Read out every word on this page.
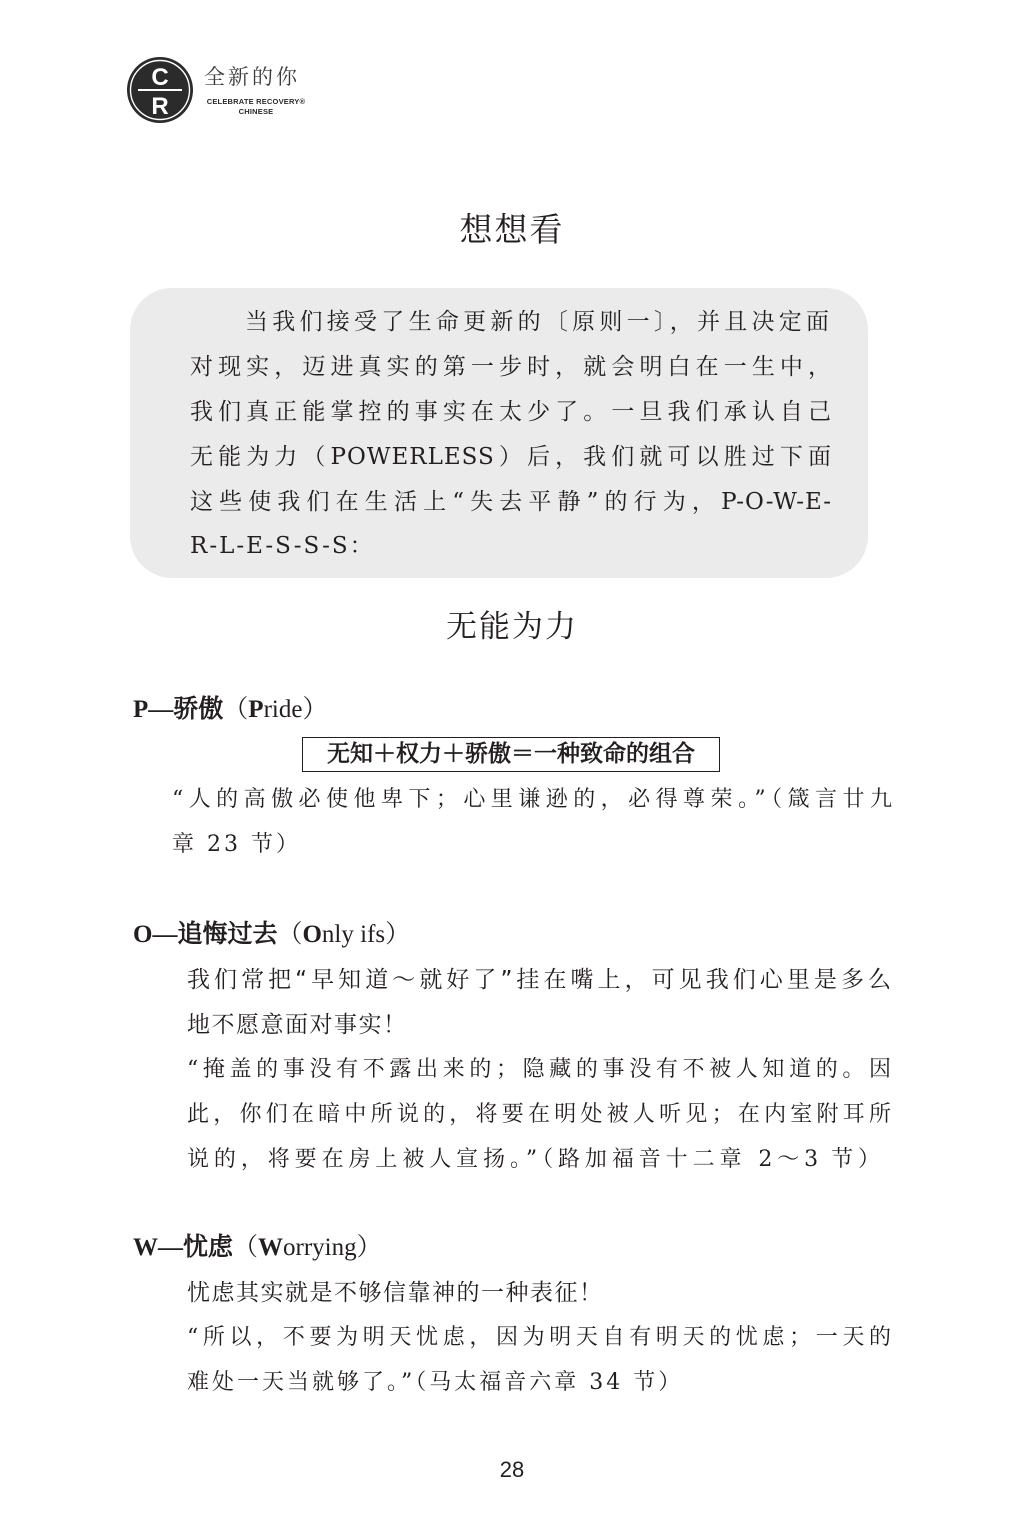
C
R
全新的你
CELEBRATE RECOVERY®
CHINESE
想想看
当我们接受了生命更新的〔原则一〕，并且决定面
对现实，迈进真实的第一步时，就会明白在一生中，
我们真正能掌控的事实在太少了。一旦我们承认自己
无能为力（POWERLESS）后，我们就可以胜过下面
这些使我们在生活上“失去平静”的行为，P-O-W-E-
R-L-E-S-S-S：
无能为力
P—骄傲（Pride）
无知＋权力＋骄傲＝一种致命的组合
“人的高傲必使他卑下；心里谦逊的，必得尊荣。”（箴言廿九
章 23 节）
O—追悔过去（Only ifs）
我们常把“早知道～就好了”挂在嘴上，可见我们心里是多么
地不愿意面对事实！
“掩盖的事没有不露出来的；隐藏的事没有不被人知道的。因
此，你们在暗中所说的，将要在明处被人听见；在内室附耳所
说的，将要在房上被人宣扬。”（路加福音十二章 2～3 节）
W—忧虑（Worrying）
忧虑其实就是不够信靠神的一种表征！
“所以，不要为明天忧虑，因为明天自有明天的忧虑；一天的
难处一天当就够了。”（马太福音六章 34 节）
28
